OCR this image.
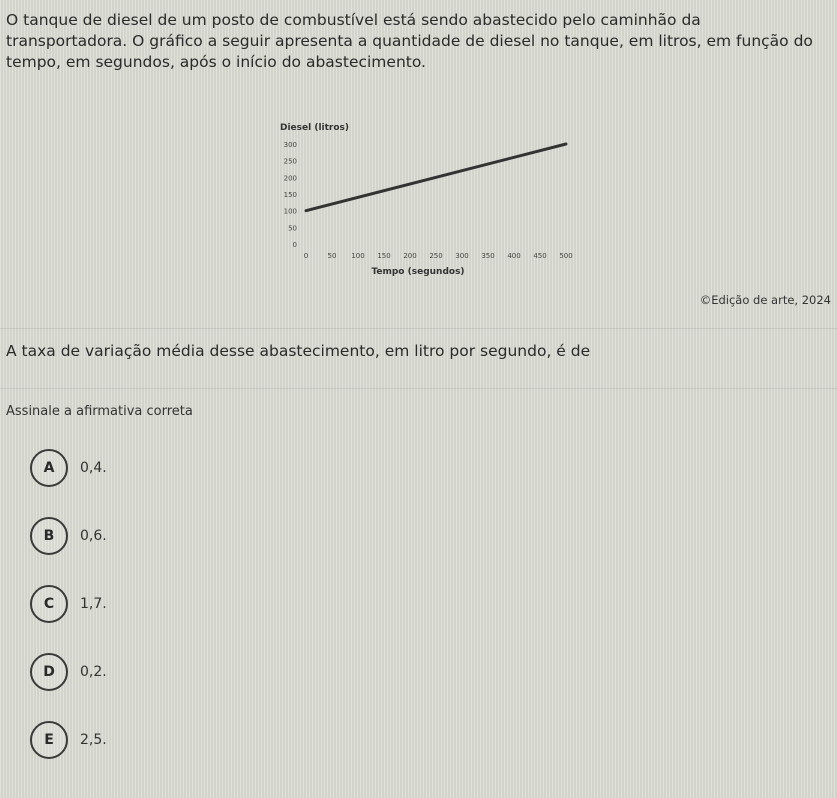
O tanque de diesel de um posto de combustível está sendo abastecido pelo caminhão da transportadora. O gráfico a seguir apresenta a quantidade de diesel no tanque, em litros, em função do tempo, em segundos, após o início do abastecimento.
Diesel (litros)
Tempo (segundos)
0
50
100
150
200
250
300
0	50 100 150 200 250 300 350 400 450 500
©Edição de arte, 2024
A taxa de variação média desse abastecimento, em litro por segundo, é de
Assinale a afirmativa correta
A	0,4.
B	0,6.
C	1,7.
D	0,2.
E	2,5.
